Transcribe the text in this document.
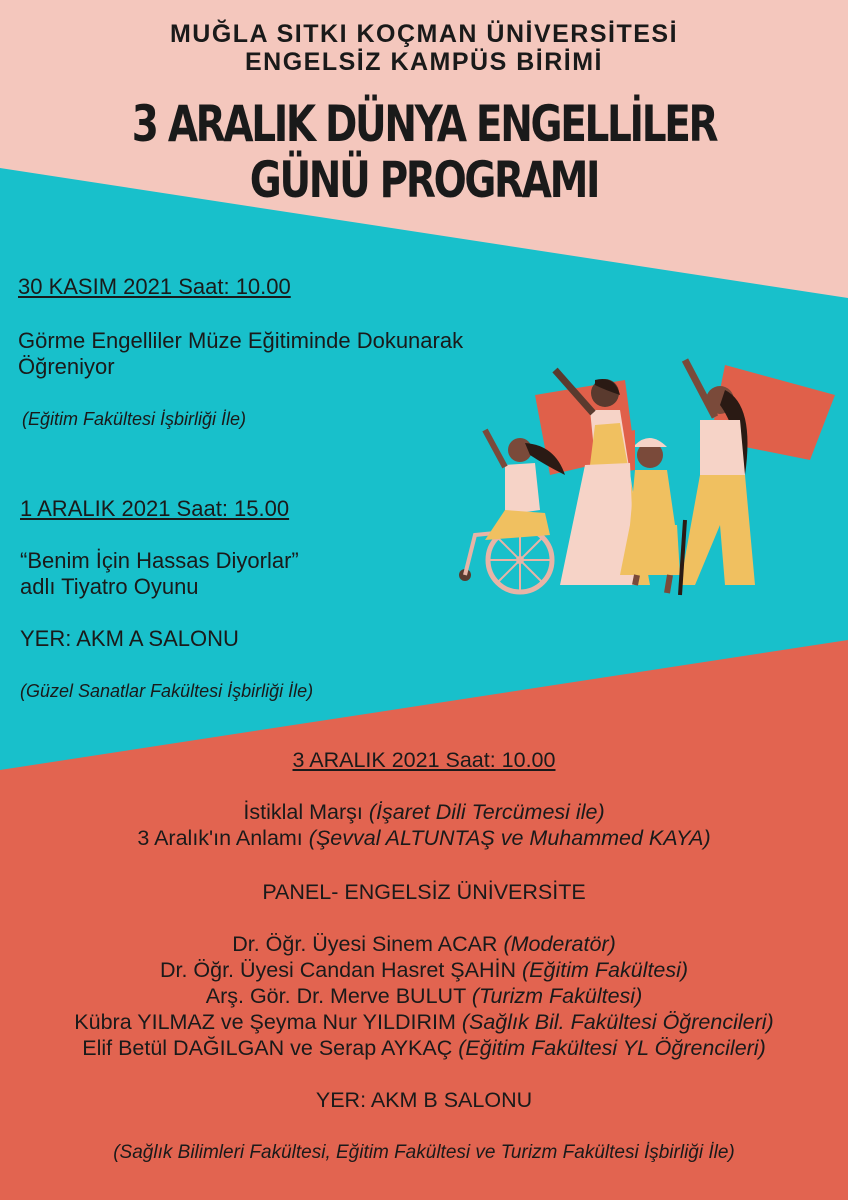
MUĞLA SITKI KOÇMAN ÜNİVERSİTESİ
ENGELSİZ KAMPÜS BİRİMİ
3 ARALIK DÜNYA ENGELLİLER
GÜNÜ PROGRAMI
30 KASIM 2021 Saat: 10.00
Görme Engelliler Müze Eğitiminde Dokunarak
Öğreniyor
(Eğitim Fakültesi İşbirliği İle)
1 ARALIK 2021 Saat: 15.00
“Benim İçin Hassas Diyorlar”
adlı Tiyatro Oyunu
YER: AKM A SALONU
(Güzel Sanatlar Fakültesi İşbirliği İle)
3 ARALIK 2021 Saat: 10.00
İstiklal Marşı (İşaret Dili Tercümesi ile)
3 Aralık'ın Anlamı (Şevval ALTUNTAŞ ve Muhammed KAYA)
PANEL- ENGELSİZ ÜNİVERSİTE
Dr. Öğr. Üyesi Sinem ACAR (Moderatör)
Dr. Öğr. Üyesi Candan Hasret ŞAHİN (Eğitim Fakültesi)
Arş. Gör. Dr. Merve BULUT (Turizm Fakültesi)
Kübra YILMAZ ve Şeyma Nur YILDIRIM (Sağlık Bil. Fakültesi Öğrencileri)
Elif Betül DAĞILGAN ve Serap AYKAÇ (Eğitim Fakültesi YL Öğrencileri)
YER: AKM B SALONU
(Sağlık Bilimleri Fakültesi, Eğitim Fakültesi ve Turizm Fakültesi İşbirliği İle)
